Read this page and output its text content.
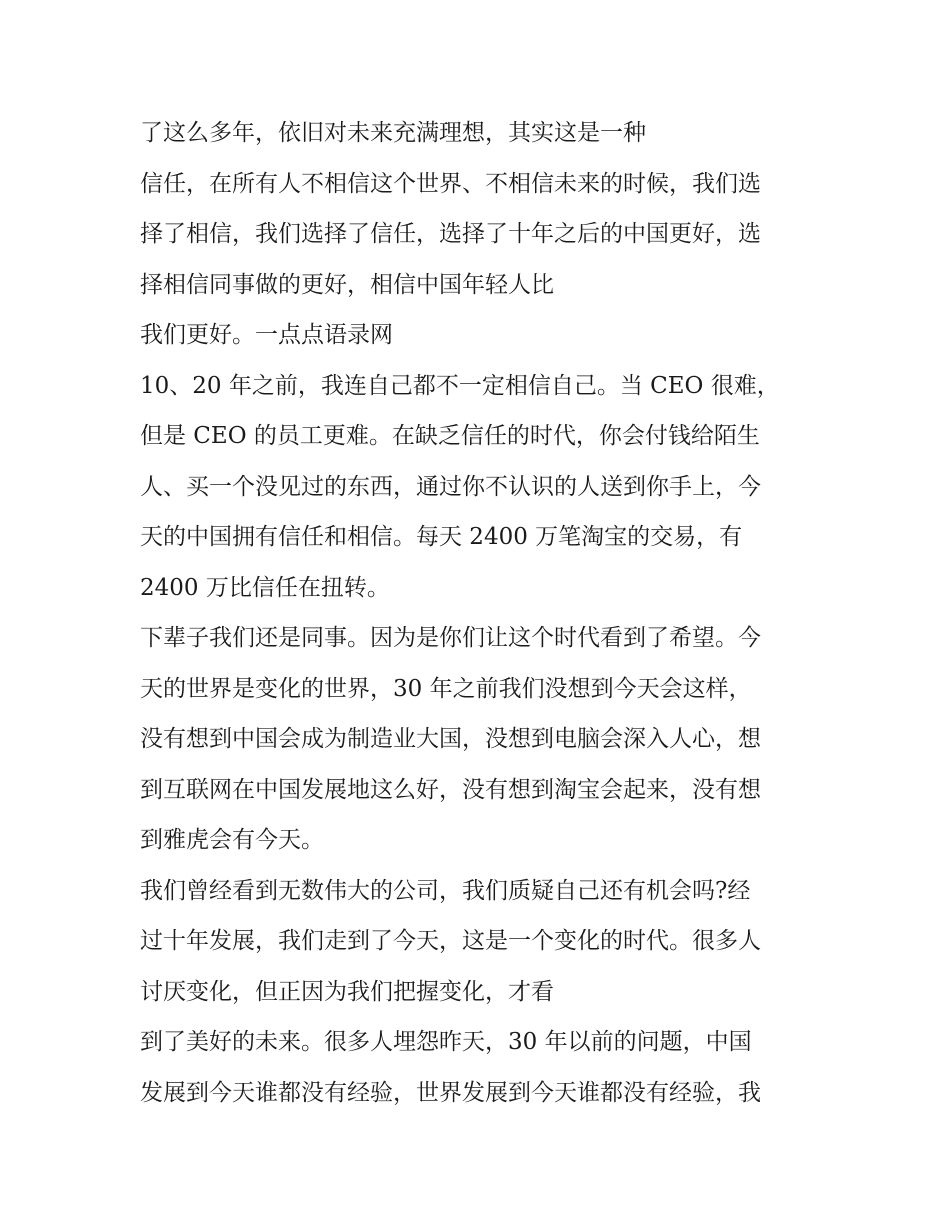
了这么多年，依旧对未来充满理想，其实这是一种
信任，在所有人不相信这个世界、不相信未来的时候，我们选
择了相信，我们选择了信任，选择了十年之后的中国更好，选
择相信同事做的更好，相信中国年轻人比
我们更好。一点点语录网
10、20 年之前，我连自己都不一定相信自己。当 CEO 很难，
但是 CEO 的员工更难。在缺乏信任的时代，你会付钱给陌生
人、买一个没见过的东西，通过你不认识的人送到你手上，今
天的中国拥有信任和相信。每天 2400 万笔淘宝的交易，有
2400 万比信任在扭转。
下辈子我们还是同事。因为是你们让这个时代看到了希望。今
天的世界是变化的世界，30 年之前我们没想到今天会这样，
没有想到中国会成为制造业大国，没想到电脑会深入人心，想
到互联网在中国发展地这么好，没有想到淘宝会起来，没有想
到雅虎会有今天。
我们曾经看到无数伟大的公司，我们质疑自己还有机会吗?经
过十年发展，我们走到了今天，这是一个变化的时代。很多人
讨厌变化，但正因为我们把握变化，才看
到了美好的未来。很多人埋怨昨天，30 年以前的问题，中国
发展到今天谁都没有经验，世界发展到今天谁都没有经验，我
